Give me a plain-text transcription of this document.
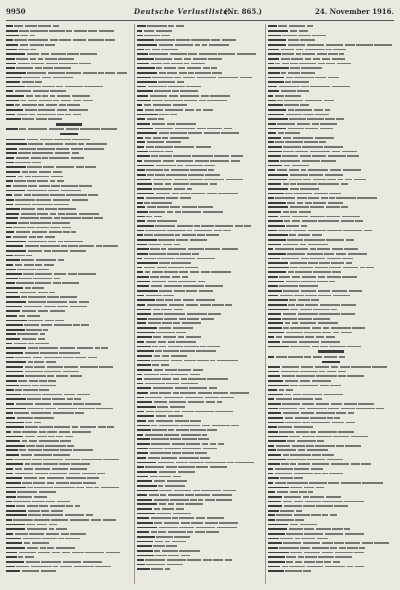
9950	Deutsche Verlustliste.
(Nr. 865.)	24. November 1916.
